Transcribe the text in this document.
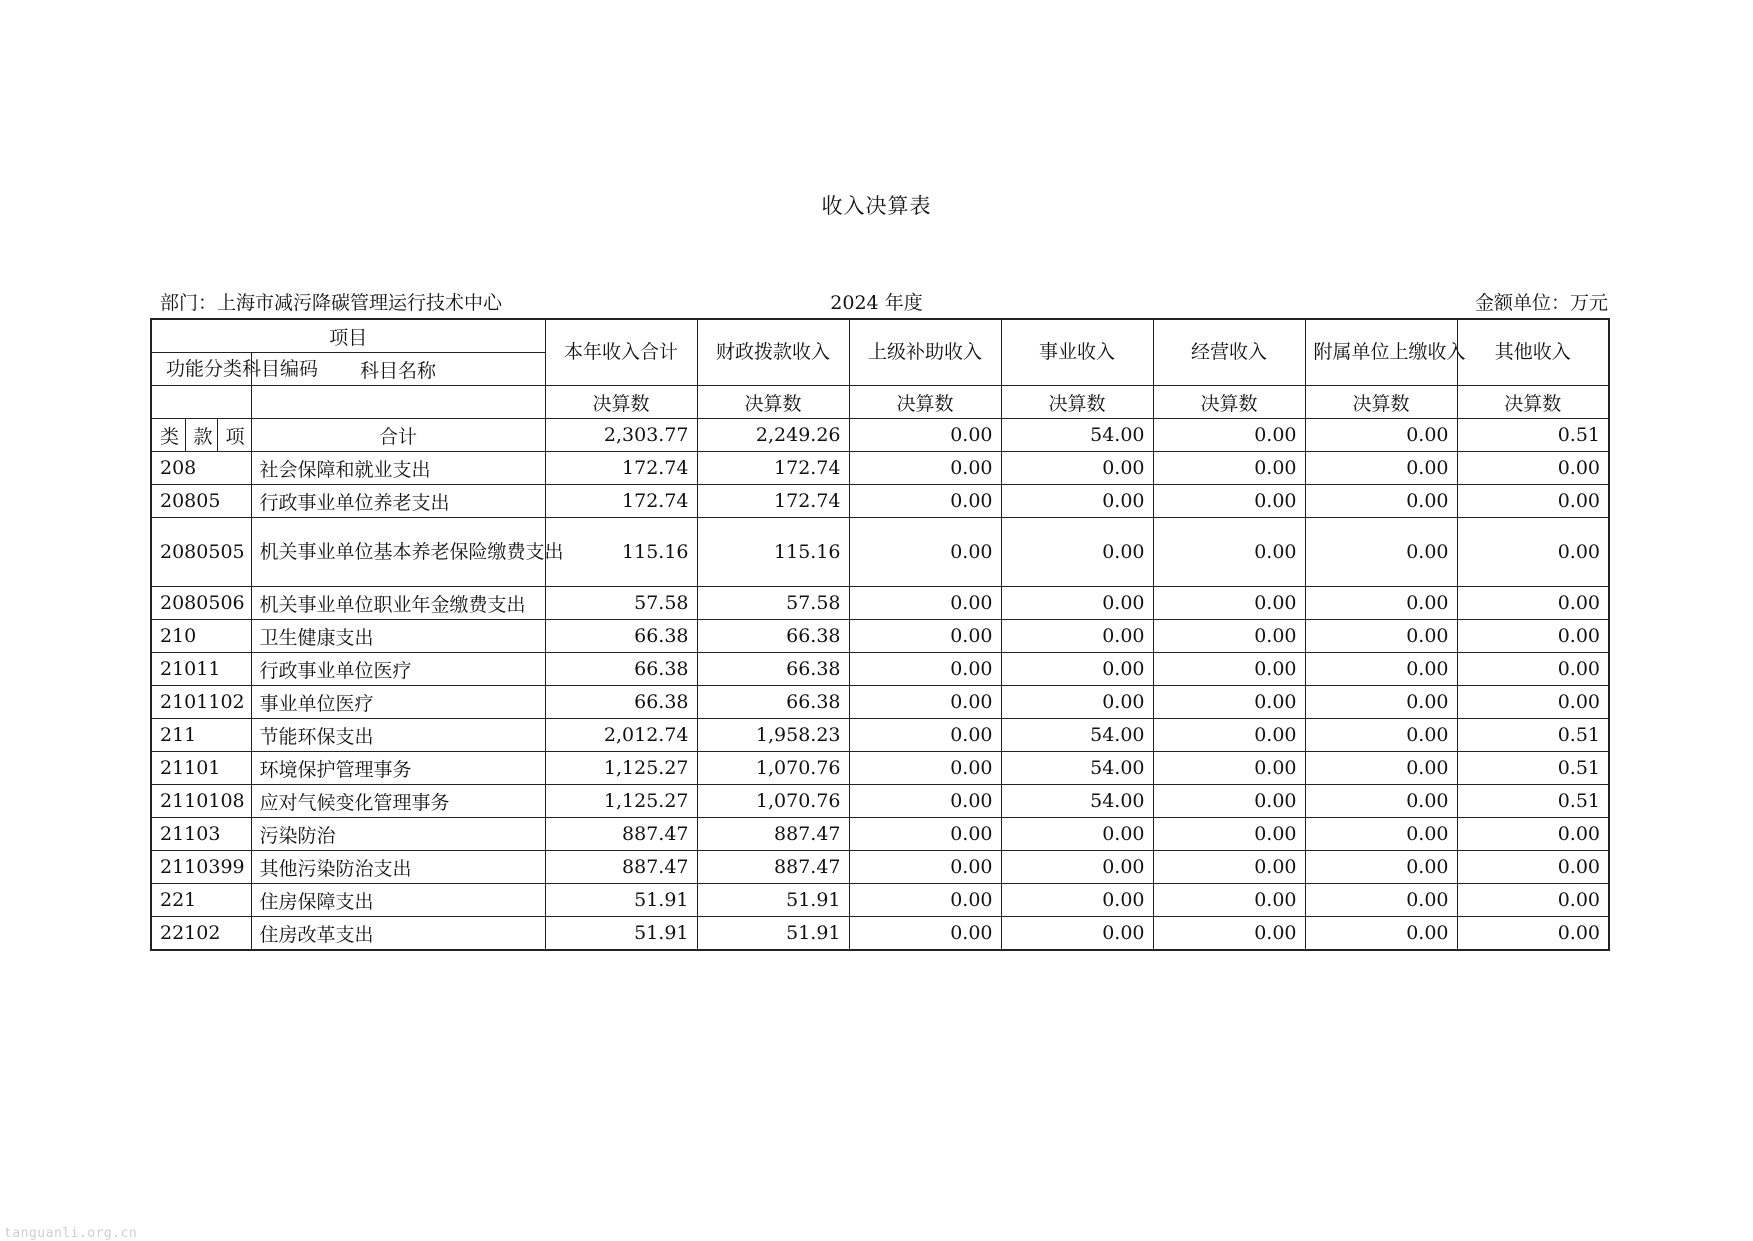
收入决算表
部门：上海市减污降碳管理运行技术中心	2024 年度	金额单位：万元
项目				本年收入合计	财政拨款收入	上级补助收入	事业收入	经营收入	附属单位上缴收入	其他收入
功能分类科目编码			科目名称							

				决算数	决算数	决算数	决算数	决算数	决算数	决算数
类	款	项	合计	2,303.77	2,249.26	0.00	54.00	0.00	0.00	0.51
208			社会保障和就业支出	172.74	172.74	0.00	0.00	0.00	0.00	0.00
20805			行政事业单位养老支出	172.74	172.74	0.00	0.00	0.00	0.00	0.00
2080505			机关事业单位基本养老保险缴费支出	115.16	115.16	0.00	0.00	0.00	0.00	0.00
2080506			机关事业单位职业年金缴费支出	57.58	57.58	0.00	0.00	0.00	0.00	0.00
210			卫生健康支出	66.38	66.38	0.00	0.00	0.00	0.00	0.00
21011			行政事业单位医疗	66.38	66.38	0.00	0.00	0.00	0.00	0.00
2101102			事业单位医疗	66.38	66.38	0.00	0.00	0.00	0.00	0.00
211			节能环保支出	2,012.74	1,958.23	0.00	54.00	0.00	0.00	0.51
21101			环境保护管理事务	1,125.27	1,070.76	0.00	54.00	0.00	0.00	0.51
2110108			应对气候变化管理事务	1,125.27	1,070.76	0.00	54.00	0.00	0.00	0.51
21103			污染防治	887.47	887.47	0.00	0.00	0.00	0.00	0.00
2110399			其他污染防治支出	887.47	887.47	0.00	0.00	0.00	0.00	0.00
221			住房保障支出	51.91	51.91	0.00	0.00	0.00	0.00	0.00
22102			住房改革支出	51.91	51.91	0.00	0.00	0.00	0.00	0.00
tanguanli.org.cn
